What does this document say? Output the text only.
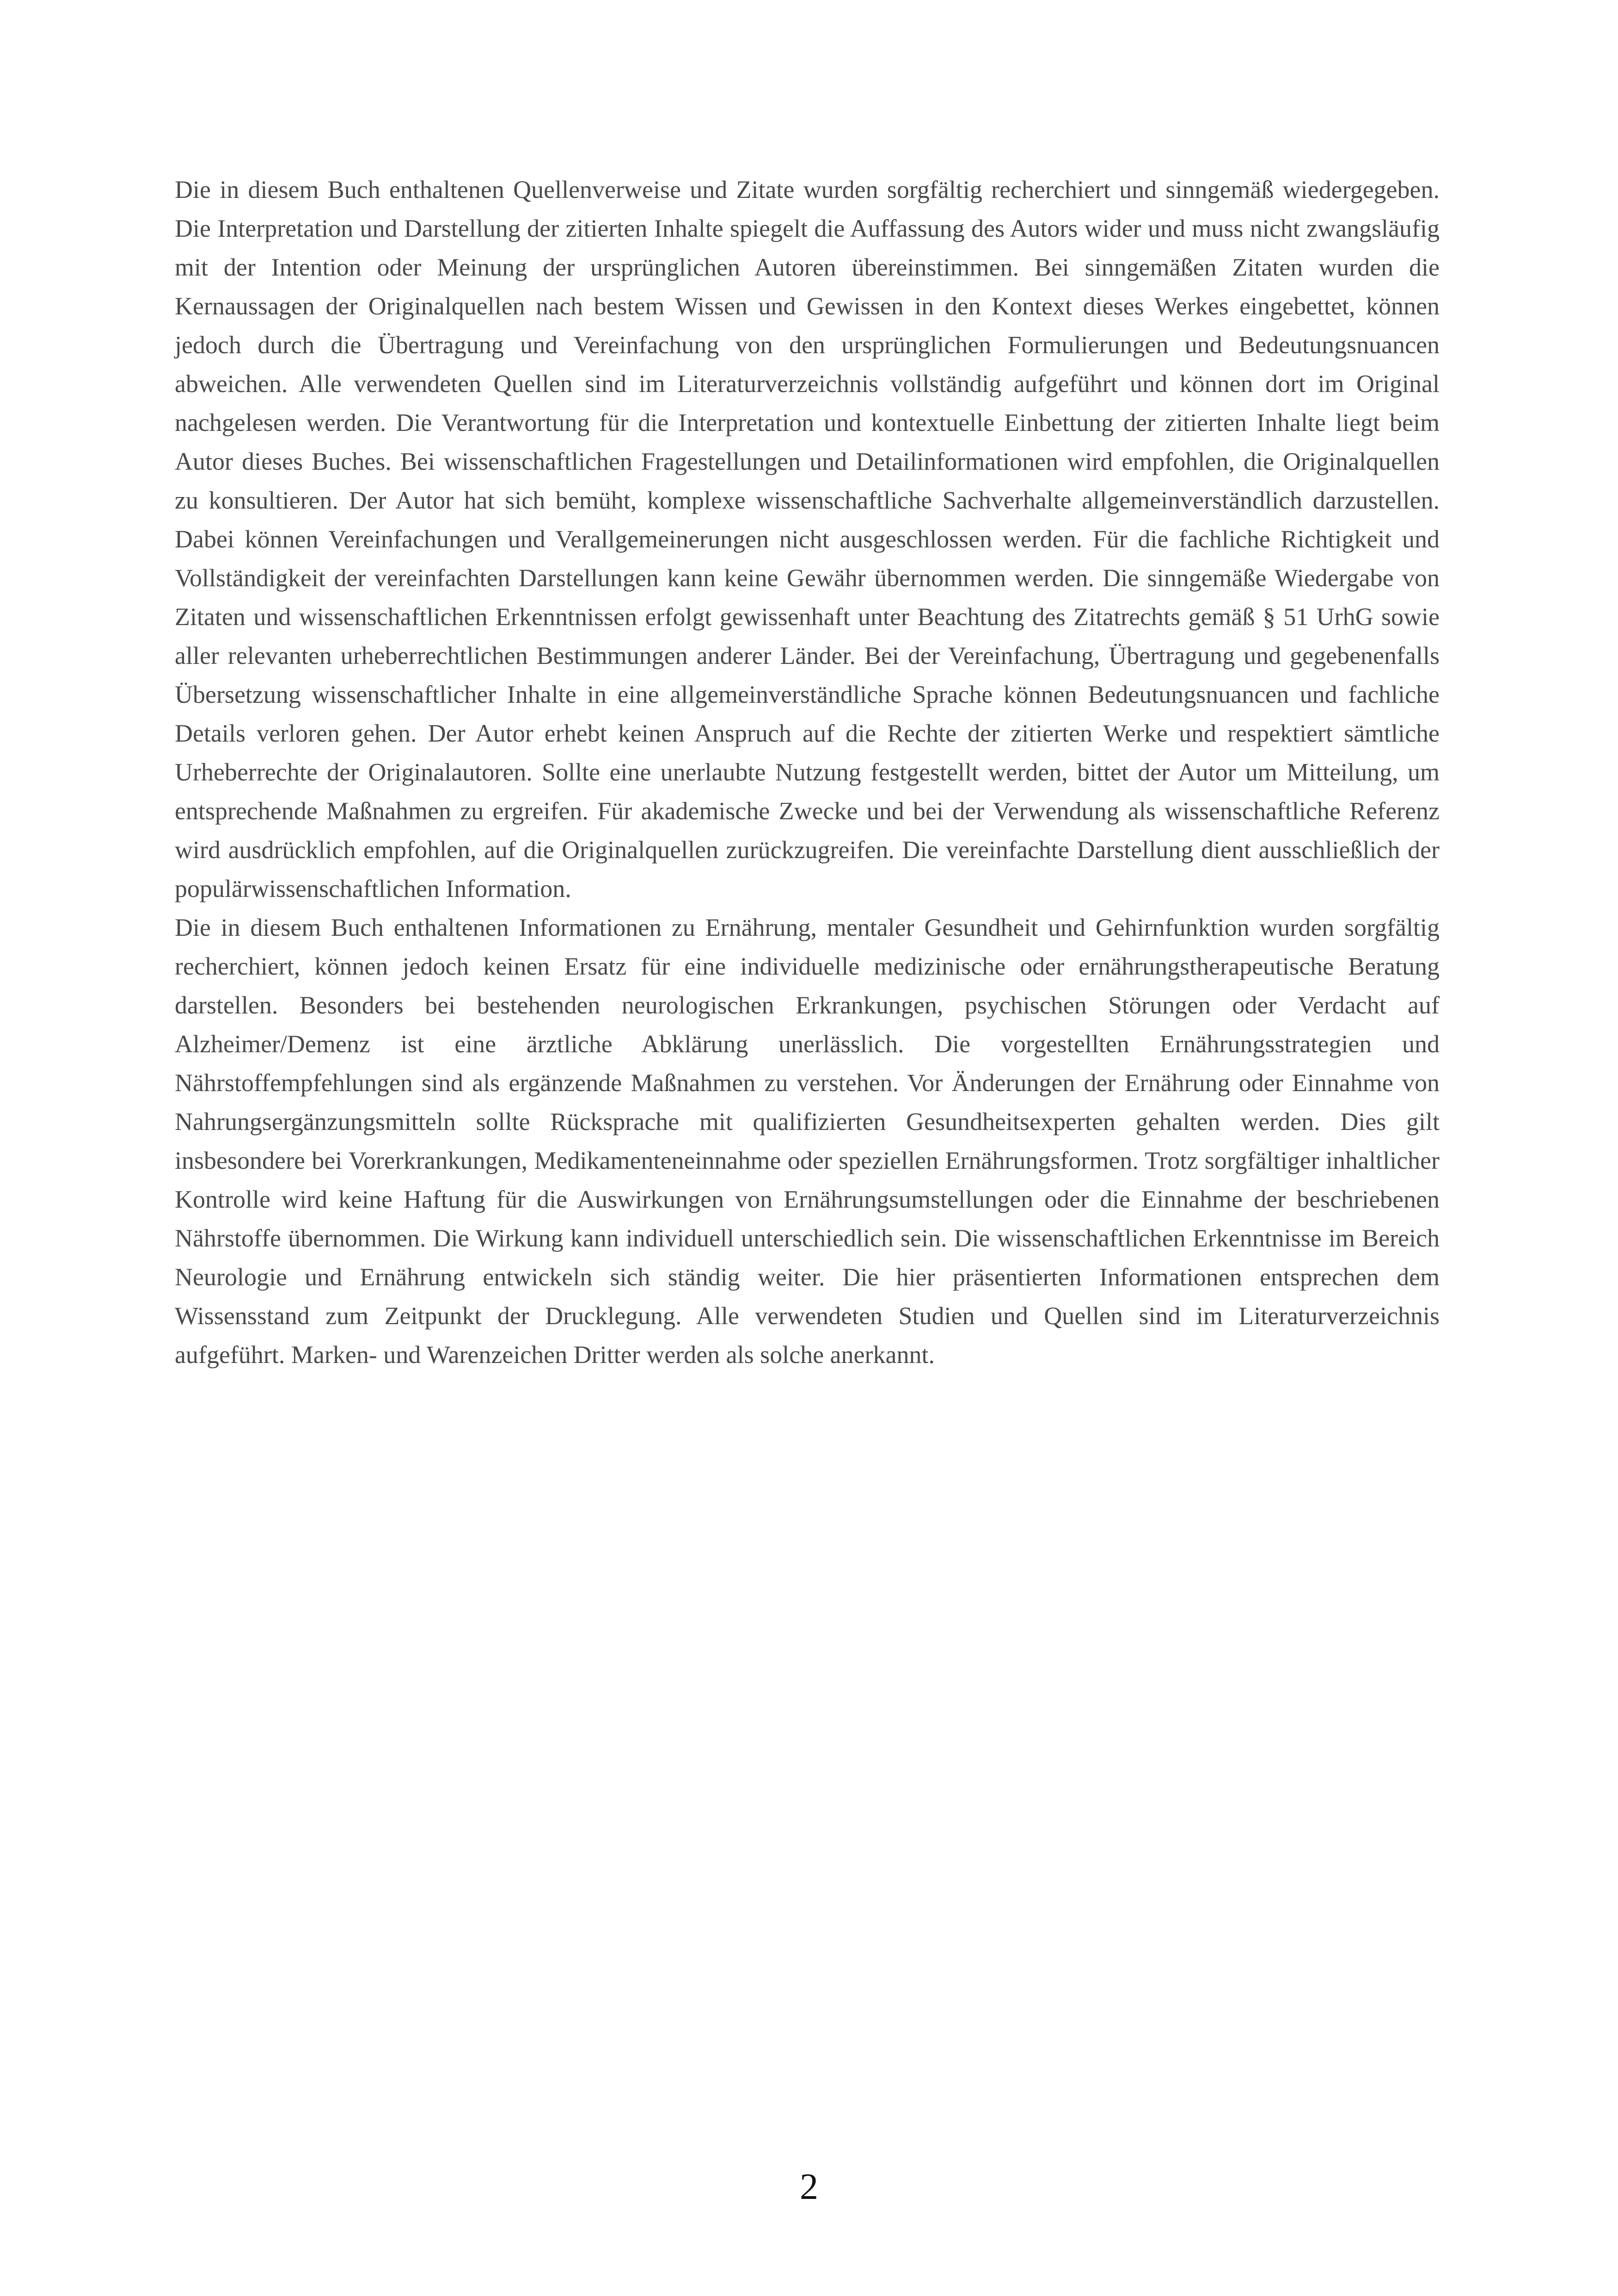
Die in diesem Buch enthaltenen Quellenverweise und Zitate wurden sorgfältig recherchiert und sinngemäß wiedergegeben. Die Interpretation und Darstellung der zitierten Inhalte spiegelt die Auffassung des Autors wider und muss nicht zwangsläufig mit der Intention oder Meinung der ursprünglichen Autoren übereinstimmen. Bei sinngemäßen Zitaten wurden die Kernaussagen der Originalquellen nach bestem Wissen und Gewissen in den Kontext dieses Werkes eingebettet, können jedoch durch die Übertragung und Vereinfachung von den ursprünglichen Formulierungen und Bedeutungsnuancen abweichen. Alle verwendeten Quellen sind im Literaturverzeichnis vollständig aufgeführt und können dort im Original nachgelesen werden. Die Verantwortung für die Interpretation und kontextuelle Einbettung der zitierten Inhalte liegt beim Autor dieses Buches. Bei wissenschaftlichen Fragestellungen und Detailinformationen wird empfohlen, die Originalquellen zu konsultieren. Der Autor hat sich bemüht, komplexe wissenschaftliche Sachverhalte allgemeinverständlich darzustellen. Dabei können Vereinfachungen und Verallgemeinerungen nicht ausgeschlossen werden. Für die fachliche Richtigkeit und Vollständigkeit der vereinfachten Darstellungen kann keine Gewähr übernommen werden. Die sinngemäße Wiedergabe von Zitaten und wissenschaftlichen Erkenntnissen erfolgt gewissenhaft unter Beachtung des Zitatrechts gemäß § 51 UrhG sowie aller relevanten urheberrechtlichen Bestimmungen anderer Länder. Bei der Vereinfachung, Übertragung und gegebenenfalls Übersetzung wissenschaftlicher Inhalte in eine allgemeinverständliche Sprache können Bedeutungsnuancen und fachliche Details verloren gehen. Der Autor erhebt keinen Anspruch auf die Rechte der zitierten Werke und respektiert sämtliche Urheberrechte der Originalautoren. Sollte eine unerlaubte Nutzung festgestellt werden, bittet der Autor um Mitteilung, um entsprechende Maßnahmen zu ergreifen. Für akademische Zwecke und bei der Verwendung als wissenschaftliche Referenz wird ausdrücklich empfohlen, auf die Originalquellen zurückzugreifen. Die vereinfachte Darstellung dient ausschließlich der populärwissenschaftlichen Information.

Die in diesem Buch enthaltenen Informationen zu Ernährung, mentaler Gesundheit und Gehirnfunktion wurden sorgfältig recherchiert, können jedoch keinen Ersatz für eine individuelle medizinische oder ernährungstherapeutische Beratung darstellen. Besonders bei bestehenden neurologischen Erkrankungen, psychischen Störungen oder Verdacht auf Alzheimer/Demenz ist eine ärztliche Abklärung unerlässlich. Die vorgestellten Ernährungsstrategien und Nährstoffempfehlungen sind als ergänzende Maßnahmen zu verstehen. Vor Änderungen der Ernährung oder Einnahme von Nahrungsergänzungsmitteln sollte Rücksprache mit qualifizierten Gesundheitsexperten gehalten werden. Dies gilt insbesondere bei Vorerkrankungen, Medikamenteneinnahme oder speziellen Ernährungsformen. Trotz sorgfältiger inhaltlicher Kontrolle wird keine Haftung für die Auswirkungen von Ernährungsumstellungen oder die Einnahme der beschriebenen Nährstoffe übernommen. Die Wirkung kann individuell unterschiedlich sein. Die wissenschaftlichen Erkenntnisse im Bereich Neurologie und Ernährung entwickeln sich ständig weiter. Die hier präsentierten Informationen entsprechen dem Wissensstand zum Zeitpunkt der Drucklegung. Alle verwendeten Studien und Quellen sind im Literaturverzeichnis aufgeführt. Marken- und Warenzeichen Dritter werden als solche anerkannt.

2
